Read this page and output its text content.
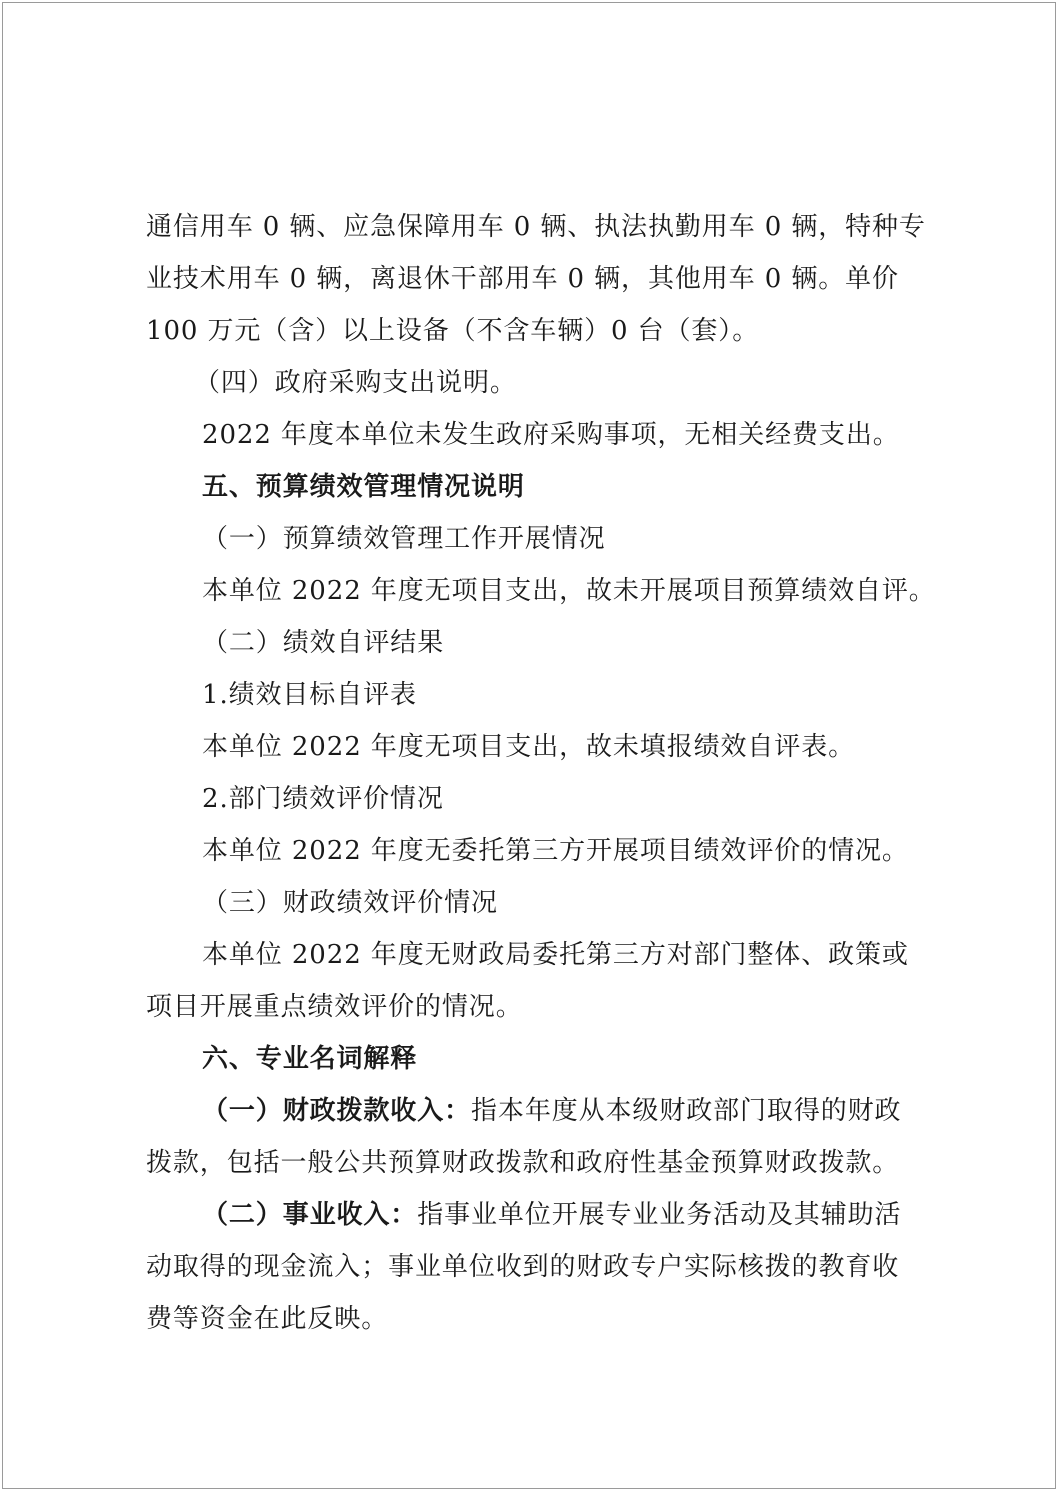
通信用车 0 辆、应急保障用车 0 辆、执法执勤用车 0 辆，特种专
业技术用车 0 辆，离退休干部用车 0 辆，其他用车 0 辆。单价
100 万元（含）以上设备（不含车辆）0 台（套）。
（四）政府采购支出说明。
2022 年度本单位未发生政府采购事项，无相关经费支出。
五、预算绩效管理情况说明
（一）预算绩效管理工作开展情况
本单位 2022 年度无项目支出，故未开展项目预算绩效自评。
（二）绩效自评结果
1.绩效目标自评表
本单位 2022 年度无项目支出，故未填报绩效自评表。
2.部门绩效评价情况
本单位 2022 年度无委托第三方开展项目绩效评价的情况。
（三）财政绩效评价情况
本单位 2022 年度无财政局委托第三方对部门整体、政策或
项目开展重点绩效评价的情况。
六、专业名词解释
（一）财政拨款收入：指本年度从本级财政部门取得的财政
拨款，包括一般公共预算财政拨款和政府性基金预算财政拨款。
（二）事业收入：指事业单位开展专业业务活动及其辅助活
动取得的现金流入；事业单位收到的财政专户实际核拨的教育收
费等资金在此反映。
